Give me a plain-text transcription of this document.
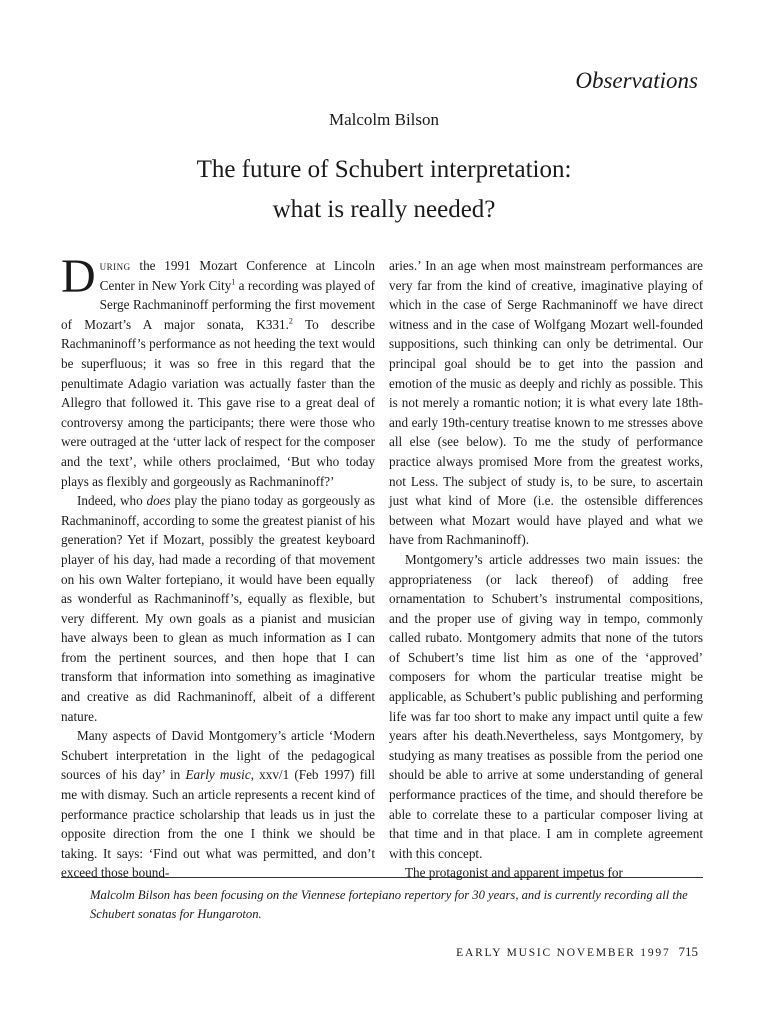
Observations
Malcolm Bilson
The future of Schubert interpretation:
what is really needed?

During the 1991 Mozart Conference at Lincoln Center in New York City$^1$ a recording was played of Serge Rachmaninoff performing the first movement of Mozart’s A major sonata, K331.$^2$ To describe Rachmaninoff’s performance as not heeding the text would be superfluous; it was so free in this regard that the penultimate Adagio variation was actually faster than the Allegro that followed it. This gave rise to a great deal of controversy among the participants; there were those who were outraged at the ‘utter lack of respect for the composer and the text’, while others proclaimed, ‘But who today plays as flexibly and gorgeously as Rachmaninoff?’

Indeed, who does play the piano today as gorgeously as Rachmaninoff, according to some the greatest pianist of his generation? Yet if Mozart, possibly the greatest keyboard player of his day, had made a recording of that movement on his own Walter fortepiano, it would have been equally as wonderful as Rachmaninoff’s, equally as flexible, but very different. My own goals as a pianist and musician have always been to glean as much information as I can from the pertinent sources, and then hope that I can transform that information into something as imaginative and creative as did Rachmaninoff, albeit of a different nature.

Many aspects of David Montgomery’s article ‘Modern Schubert interpretation in the light of the pedagogical sources of his day’ in Early music, xxv/1 (Feb 1997) fill me with dismay. Such an article represents a recent kind of performance practice scholarship that leads us in just the opposite direction from the one I think we should be taking. It says: ‘Find out what was permitted, and don’t exceed those bound-

aries.’ In an age when most mainstream performances are very far from the kind of creative, imaginative playing of which in the case of Serge Rachmaninoff we have direct witness and in the case of Wolfgang Mozart well-founded suppositions, such thinking can only be detrimental. Our principal goal should be to get into the passion and emotion of the music as deeply and richly as possible. This is not merely a romantic notion; it is what every late 18th- and early 19th-century treatise known to me stresses above all else (see below). To me the study of performance practice always promised More from the greatest works, not Less. The subject of study is, to be sure, to ascertain just what kind of More (i.e. the ostensible differences between what Mozart would have played and what we have from Rachmaninoff).

Montgomery’s article addresses two main issues: the appropriateness (or lack thereof) of adding free ornamentation to Schubert’s instrumental compositions, and the proper use of giving way in tempo, commonly called rubato. Montgomery admits that none of the tutors of Schubert’s time list him as one of the ‘approved’ composers for whom the particular treatise might be applicable, as Schubert’s public publishing and performing life was far too short to make any impact until quite a few years after his death.Nevertheless, says Montgomery, by studying as many treatises as possible from the period one should be able to arrive at some understanding of general performance practices of the time, and should therefore be able to correlate these to a particular composer living at that time and in that place. I am in complete agreement with this concept.

The protagonist and apparent impetus for

Malcolm Bilson has been focusing on the Viennese fortepiano repertory for 30 years, and is currently recording all the Schubert sonatas for Hungaroton.
EARLY MUSIC NOVEMBER 1997 715
